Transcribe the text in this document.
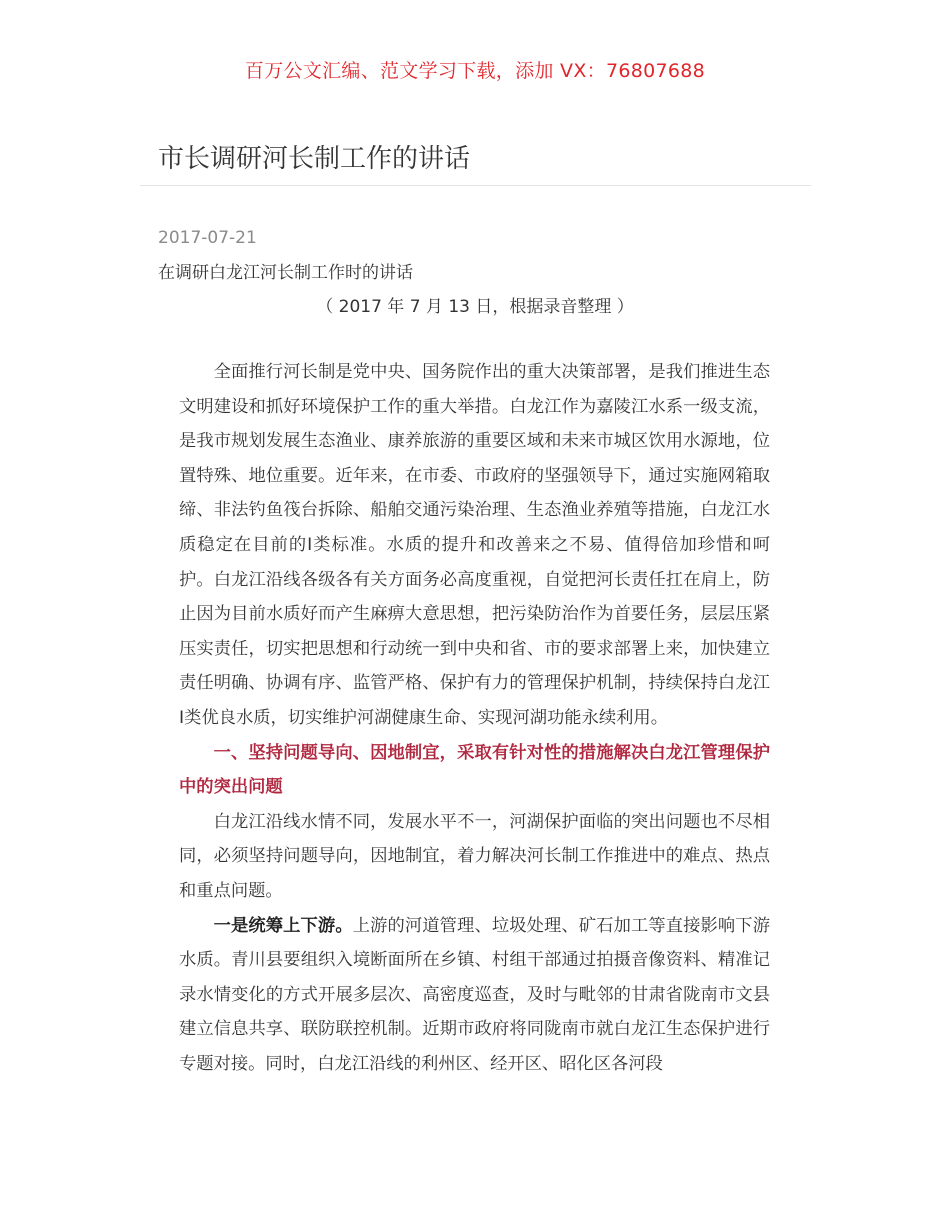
百万公文汇编、范文学习下载，添加 VX：76807688
市长调研河长制工作的讲话
2017-07-21
在调研白龙江河长制工作时的讲话
（ 2017 年 7 月 13 日，根据录音整理 ）

全面推行河长制是党中央、国务院作出的重大决策部署，是我们推进生态文明建设和抓好环境保护工作的重大举措。白龙江作为嘉陵江水系一级支流，是我市规划发展生态渔业、康养旅游的重要区域和未来市城区饮用水源地，位置特殊、地位重要。近年来，在市委、市政府的坚强领导下，通过实施网箱取缔、非法钓鱼筏台拆除、船舶交通污染治理、生态渔业养殖等措施，白龙江水质稳定在目前的Ⅰ类标准。水质的提升和改善来之不易、值得倍加珍惜和呵护。白龙江沿线各级各有关方面务必高度重视，自觉把河长责任扛在肩上，防止因为目前水质好而产生麻痹大意思想，把污染防治作为首要任务，层层压紧压实责任，切实把思想和行动统一到中央和省、市的要求部署上来，加快建立责任明确、协调有序、监管严格、保护有力的管理保护机制，持续保持白龙江Ⅰ类优良水质，切实维护河湖健康生命、实现河湖功能永续利用。

一、坚持问题导向、因地制宜，采取有针对性的措施解决白龙江管理保护中的突出问题

白龙江沿线水情不同，发展水平不一，河湖保护面临的突出问题也不尽相同，必须坚持问题导向，因地制宜，着力解决河长制工作推进中的难点、热点和重点问题。

一是统筹上下游。上游的河道管理、垃圾处理、矿石加工等直接影响下游水质。青川县要组织入境断面所在乡镇、村组干部通过拍摄音像资料、精准记录水情变化的方式开展多层次、高密度巡查，及时与毗邻的甘肃省陇南市文县建立信息共享、联防联控机制。近期市政府将同陇南市就白龙江生态保护进行专题对接。同时，白龙江沿线的利州区、经开区、昭化区各河段
